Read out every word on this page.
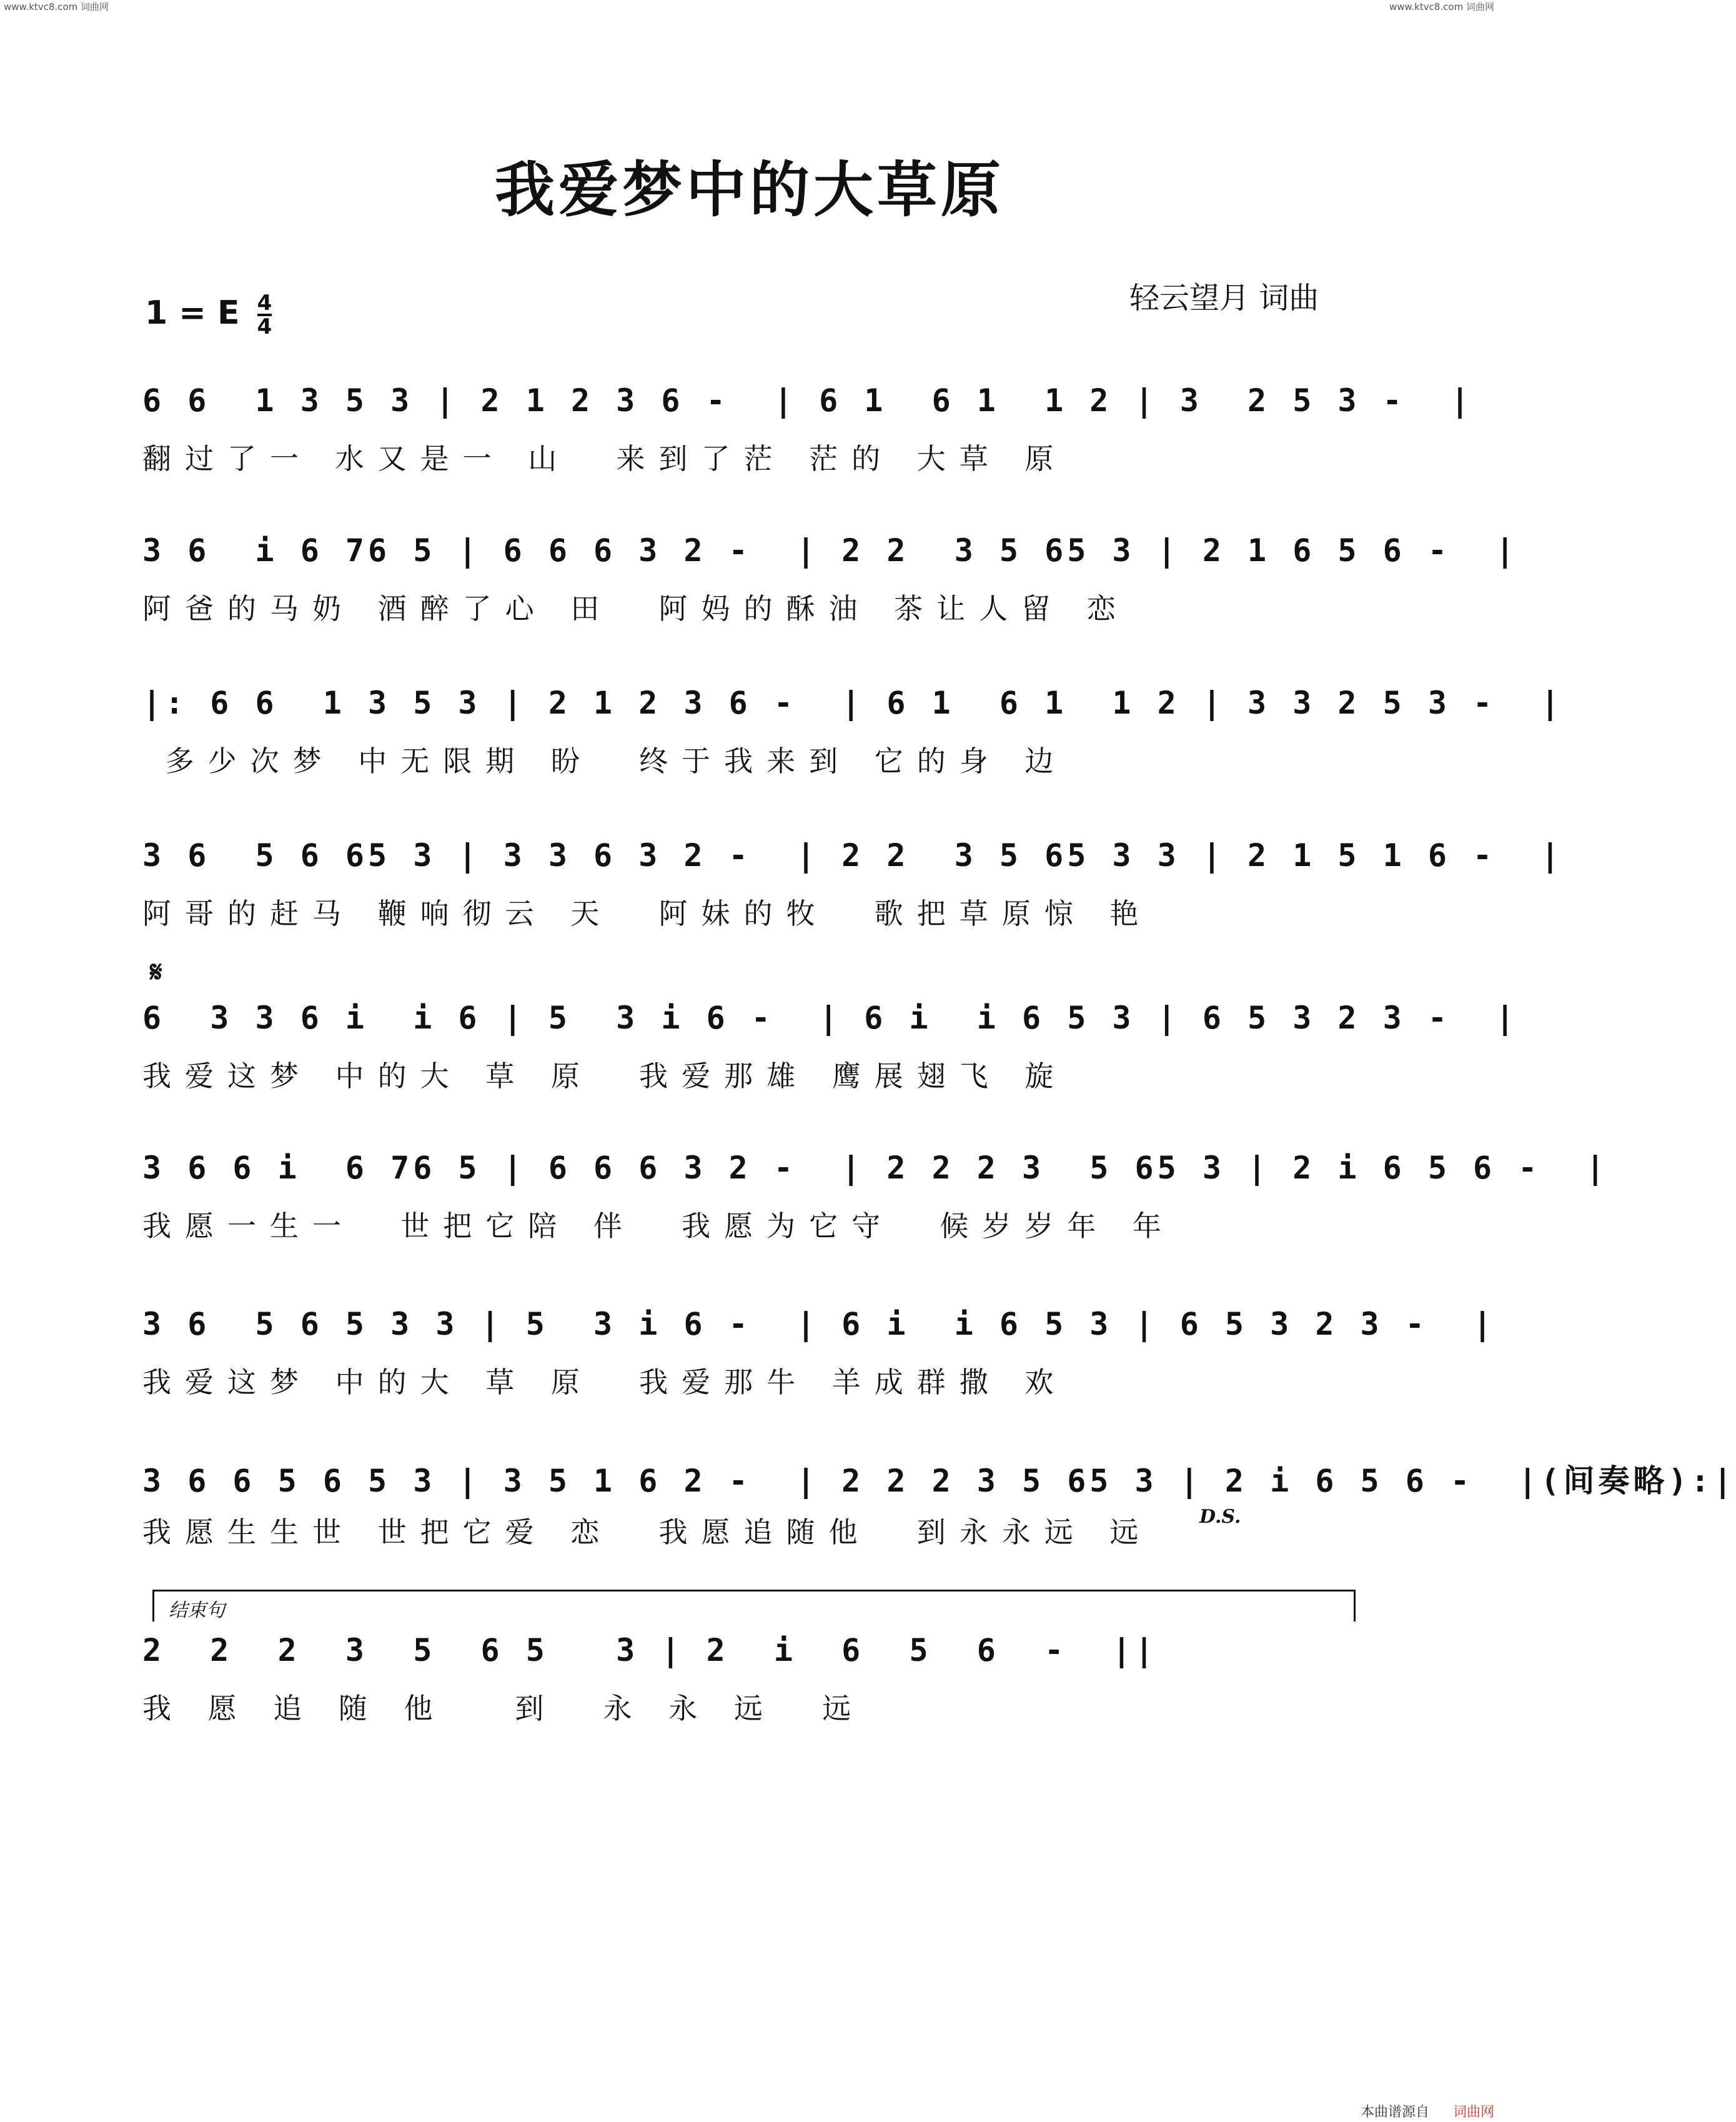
www.ktvc8.com 词曲网	www.ktvc8.com 词曲网
我爱梦中的大草原
1 = E $\frac{4}{4}$	轻云望月 词曲
6 6  1 3 5 3 | 2 1 2 3 6 -  | 6 1  6 1  1 2 | 3  2 5 3 -  |
翻过了一 水又是一 山  来到了茫 茫的 大草 原
3 6  i 6 76 5 | 6 6 6 3 2 -  | 2 2  3 5 65 3 | 2 1 6 5 6 -  |
阿爸的马奶 酒醉了心 田  阿妈的酥油 茶让人留 恋
|: 6 6  1 3 5 3 | 2 1 2 3 6 -  | 6 1  6 1  1 2 | 3 3 2 5 3 -  |
多少次梦 中无限期 盼  终于我来到 它的身 边
3 6  5 6 65 3 | 3 3 6 3 2 -  | 2 2  3 5 65 3 3 | 2 1 5 1 6 -  |
阿哥的赶马 鞭响彻云 天  阿妹的牧  歌把草原惊 艳
𝄋
6  3 3 6 i  i 6 | 5  3 i 6 -  | 6 i  i 6 5 3 | 6 5 3 2 3 -  |
我爱这梦 中的大 草 原  我爱那雄 鹰展翅飞 旋
3 6 6 i  6 76 5 | 6 6 6 3 2 -  | 2 2 2 3  5 65 3 | 2 i 6 5 6 -  |
我愿一生一  世把它陪 伴  我愿为它守  候岁岁年 年
3 6  5 6 5 3 3 | 5  3 i 6 -  | 6 i  i 6 5 3 | 6 5 3 2 3 -  |
我爱这梦 中的大 草 原  我爱那牛 羊成群撒 欢
3 6 6 5 6 5 3 | 3 5 1 6 2 -  | 2 2 2 3 5 65 3 | 2 i 6 5 6 -  |(间奏略):|
我愿生生世 世把它爱 恋  我愿追随他  到永永远 远	D.S.
结束句
2  2  2  3  5  6 5   3 | 2  i  6  5  6  -  ||
我 愿 追 随 他   到  永 永 远  远
本曲谱源自 词曲网
